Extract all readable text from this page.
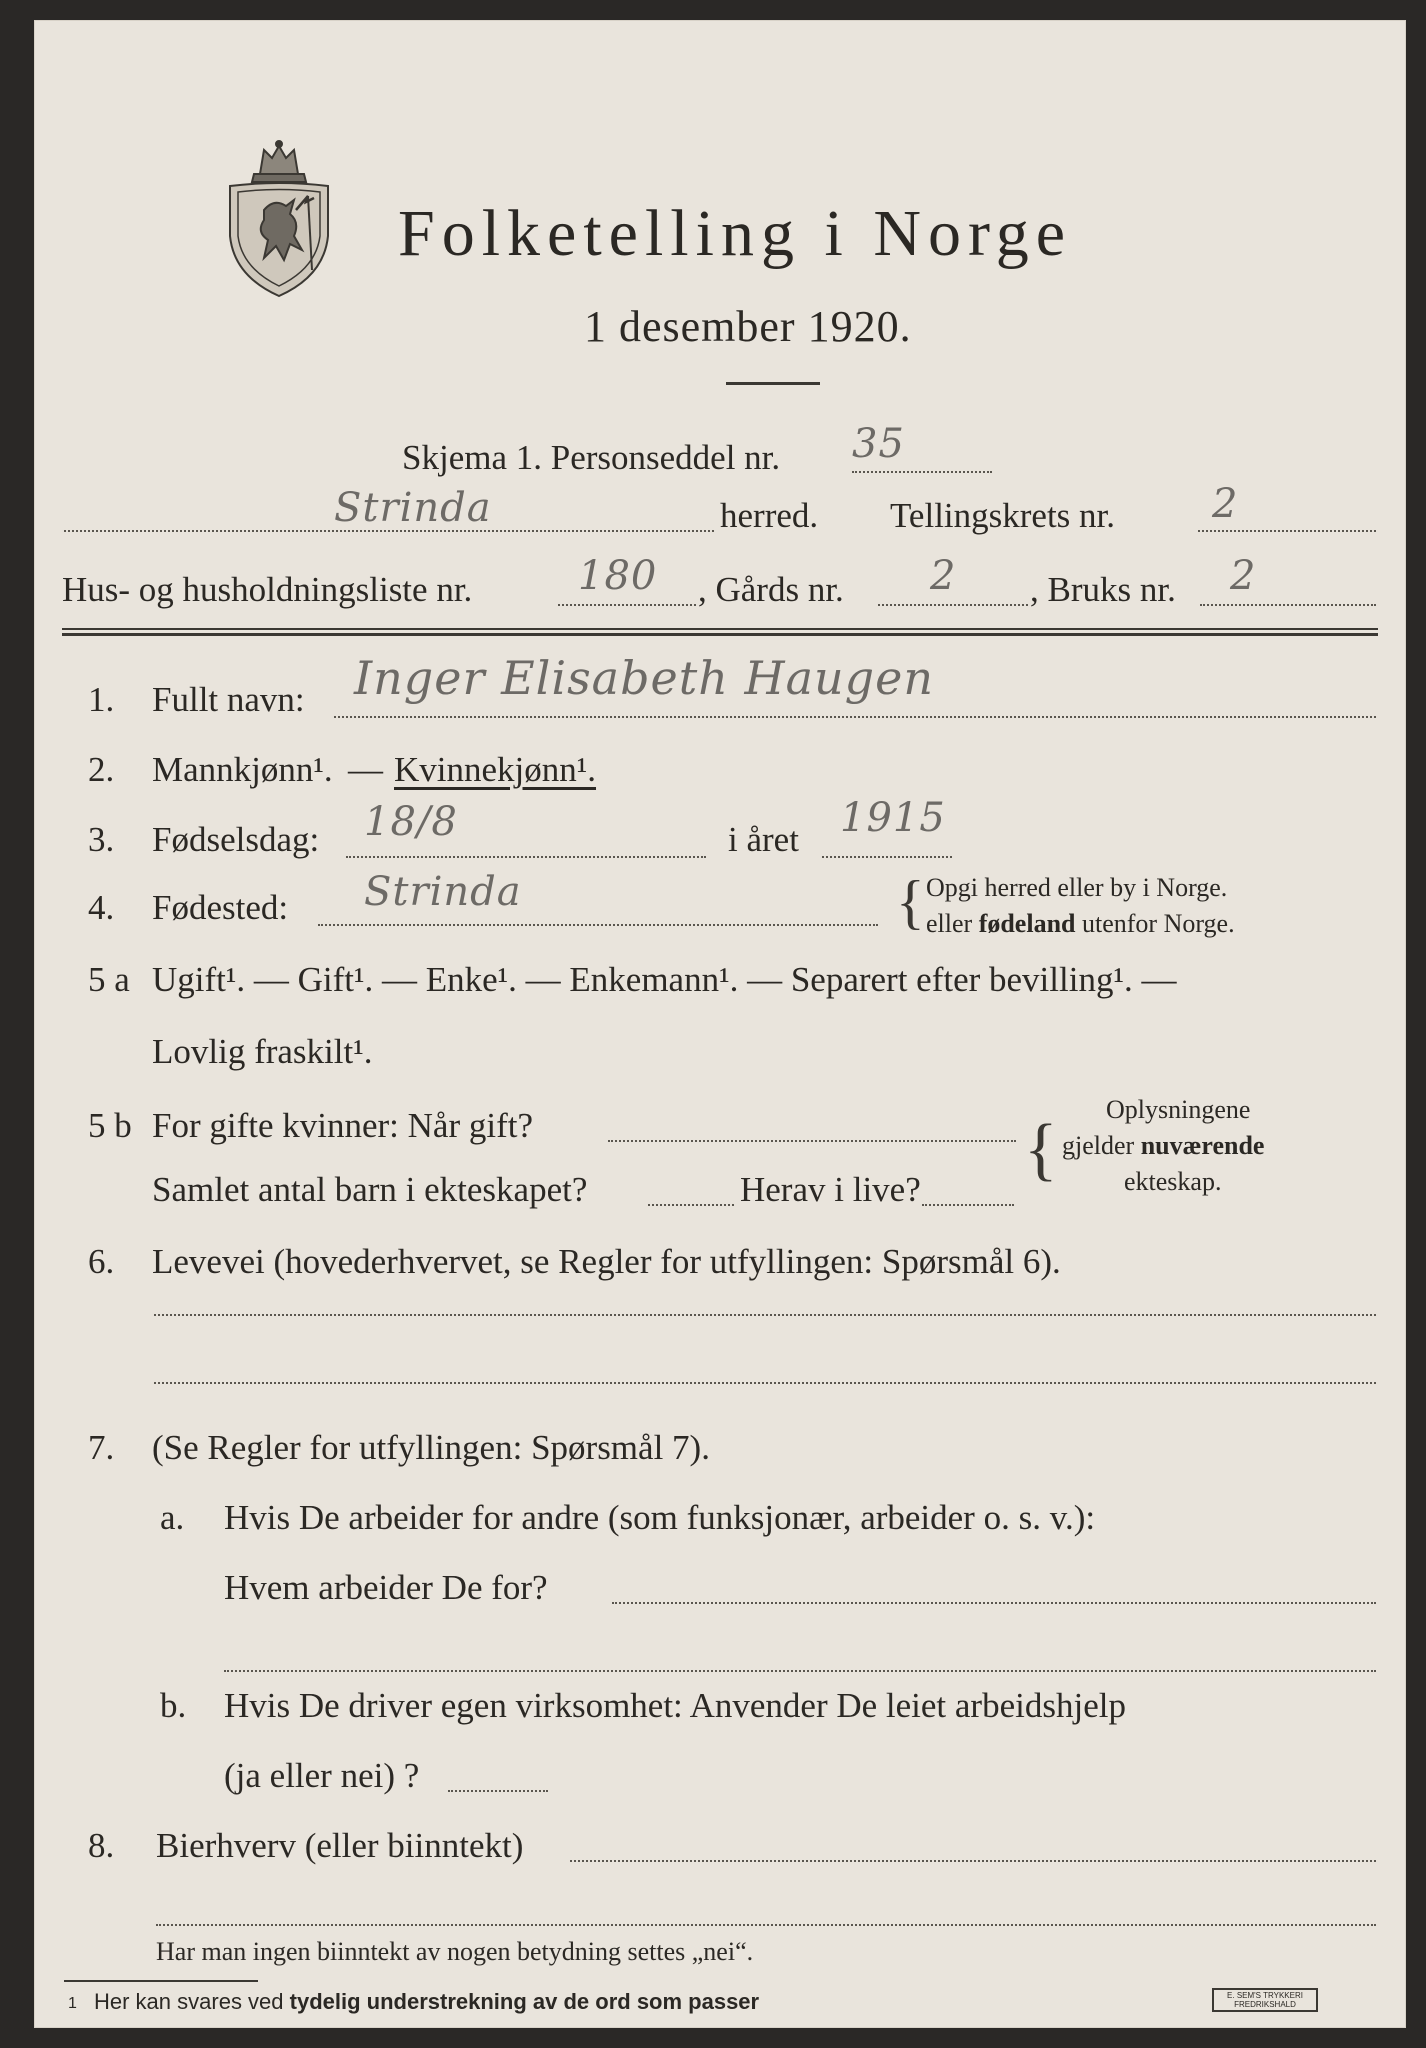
Folketelling i Norge
1 desember 1920.
Skjema 1. Personseddel nr. 35
Strinda	herred. Tellingskrets nr. 2
Hus- og husholdningsliste nr.	180 , Gårds nr. 2 , Bruks nr. 2
1. Fullt navn: Inger Elisabeth Haugen
2. Mannkjønn¹. — Kvinnekjønn¹.
3. Fødselsdag: 18/8	i året 1915
4. Fødested: Strinda	{ Opgi herred eller by i Norge.
eller fødeland utenfor Norge.
5 a Ugift¹. — Gift¹. — Enke¹. — Enkemann¹. — Separert efter bevilling¹. —
Lovlig fraskilt¹.
5 b For gifte kvinner: Når gift?
Samlet antal barn i ekteskapet?	Herav i live?
{
Oplysningene
gjelder nuværende
ekteskap.
6. Levevei (hovederhvervet, se Regler for utfyllingen: Spørsmål 6).
7. (Se Regler for utfyllingen: Spørsmål 7).
a. Hvis De arbeider for andre (som funksjonær, arbeider o. s. v.):
Hvem arbeider De for?
b. Hvis De driver egen virksomhet: Anvender De leiet arbeidshjelp
(ja eller nei) ?
8. Bierhverv (eller biinntekt)
Har man ingen biinntekt av nogen betydning settes „nei“.
1 Her kan svares ved tydelig understrekning av de ord som passer	E. SEM'S TRYKKERI
FREDRIKSHALD
